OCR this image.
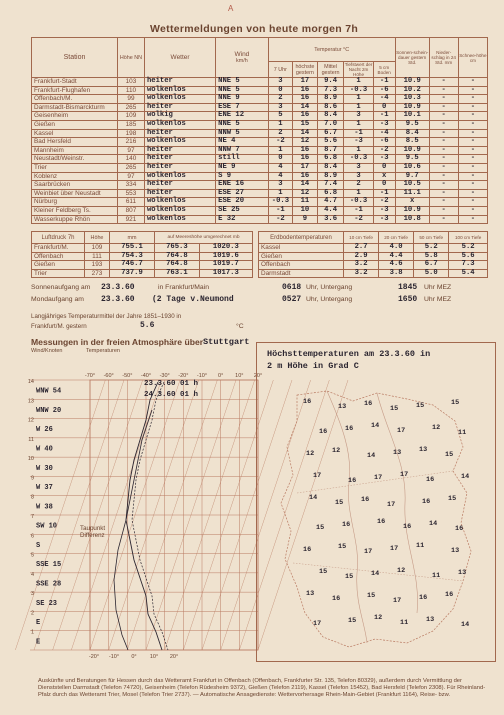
A
Wettermeldungen von heute morgen 7h
Station	Höhe NN	Wetter	Wind
km/h	Temperatur °C					Sonnen-schein-dauer gestern Std.	Nieder-schlag in 24 Std. mm	Schnee-höhe cm
				7 Uhr	höchste gestern	Mittel gestern	Tiefstwert der Nacht 2m Höhe	5 cm Boden			
Frankfurt-Stadt	103	heiter	NNE 5	3	17	9.4	1	-1	10.9	-	-
Frankfurt-Flughafen	110	wolkenlos	NNE 5	0	16	7.3	-0.3	-6	10.2	-	-
Offenbach/M.	99	wolkenlos	NNE 9	2	16	8.9	1	-4	10.3	-	-
Darmstadt-Bismarckturm	265	heiter	ESE 7	3	14	8.6	1	0	10.9	-	-
Geisenheim	109	wolkig	ENE 12	5	16	8.4	3	-1	10.1	-	-
Gießen	185	wolkenlos	NNE 5	1	15	7.0	1	-3	9.5	-	-
Kassel	198	heiter	NNW 5	2	14	6.7	-1	-4	8.4	-	-
Bad Hersfeld	216	wolkenlos	NE 4	-2	12	5.6	-3	-6	8.5	-	-
Mannheim	97	heiter	NNW 7	1	16	8.7	1	-2	10.9	-	-
Neustadt/Weinstr.	140	heiter	still	0	16	6.8	-0.3	-3	9.5	-	-
Trier	265	heiter	NE 9	4	17	8.4	3	0	10.6	-	-
Koblenz	97	wolkenlos	S 9	4	16	8.9	3	x	9.7	-	-
Saarbrücken	334	heiter	ENE 16	3	14	7.4	2	0	10.5	-	-
Weinbiet über Neustadt	553	heiter	ESE 27	1	12	6.8	1	-1	11.1	-	-
Nürburg	611	wolkenlos	ESE 20	-0.3	11	4.7	-0.3	-2	x	-	-
Kleiner Feldberg Ts.	807	wolkenlos	SE 25	-1	10	4.4	-1	-3	10.9	-	-
Wasserkuppe Rhön	921	wolkenlos	E 32	-2	9	3.6	-2	-3	10.8	-	-
Luftdruck 7h	Höhe	mm	auf Meereshöhe umgerechnet mb	
Frankfurt/M.	109	755.1	765.3	1020.3
Offenbach	111	754.3	764.8	1019.6
Gießen	193	746.7	764.8	1019.7
Trier	273	737.9	763.1	1017.3
Erdbodentemperaturen	10 cm Tiefe	20 cm Tiefe	50 cm Tiefe	100 cm Tiefe
Kassel	2.7	4.0	5.2	5.2
Gießen	2.9	4.4	5.8	5.6
Offenbach	3.2	4.6	6.7	7.3
Darmstadt	3.2	3.8	5.0	5.4
Sonnenaufgang am 23.3.60	in Frankfurt/Main
Mondaufgang am 23.3.60 (2 Tage v.Neumond
0618 Uhr, Untergang	1845 Uhr MEZ
0527 Uhr, Untergang	1650 Uhr MEZ
Langjähriges Temperaturmittel der Jahre 1851–1930 in
Frankfurt/M. gestern	5.6	°C
Messungen in der freien Atmosphäre über Stuttgart
Wind/Knoten	Temperaturen
-70° -60° -50° -40° -30° -20° -10° 0° 10° 20°
-20° -10° 0° 10° 20°
14
13
12
11
10
9
8
7
6
5
4
3
2
1
WNW 54
WNW 20
W 26
W 40
W 30
W 37
W 38
SW 10
S
SSE 15
SSE 28
SE 23
E
E
23.3.60 01 h
24.3.60 01 h
Taupunkt Differenz
Höchsttemperaturen am 23.3.60 in
2 m Höhe in Grad C
16
13	16
15	15	15
16	16	14
17	12
11
12	12
14	13	13
15
17
16	17	17
16	14
14
15	16
17	16	15
15	16	16
16	14
16
16	15
17	17	11
13
15
15	14	12
11	13
13
16	15
17	16	16
17	15	12
11	13
14
Auskünfte und Beratungen für Hessen durch das Wetteramt Frankfurt in Offenbach (Offenbach, Frankfurter Str. 135, Telefon 80329), außerdem durch Vermittlung der Dienststellen Darmstadt (Telefon 74720), Geisenheim (Telefon Rüdesheim 9372), Gießen (Telefon 2119), Kassel (Telefon 15452), Bad Hersfeld (Telefon 2308). Für Rheinland-Pfalz durch das Wetteramt Trier, Mosel (Telefon Trier 2737). — Automatische Ansagedienste: Wettervorhersage Rhein-Main-Gebiet (Frankfurt 1164), Reise- bzw.
